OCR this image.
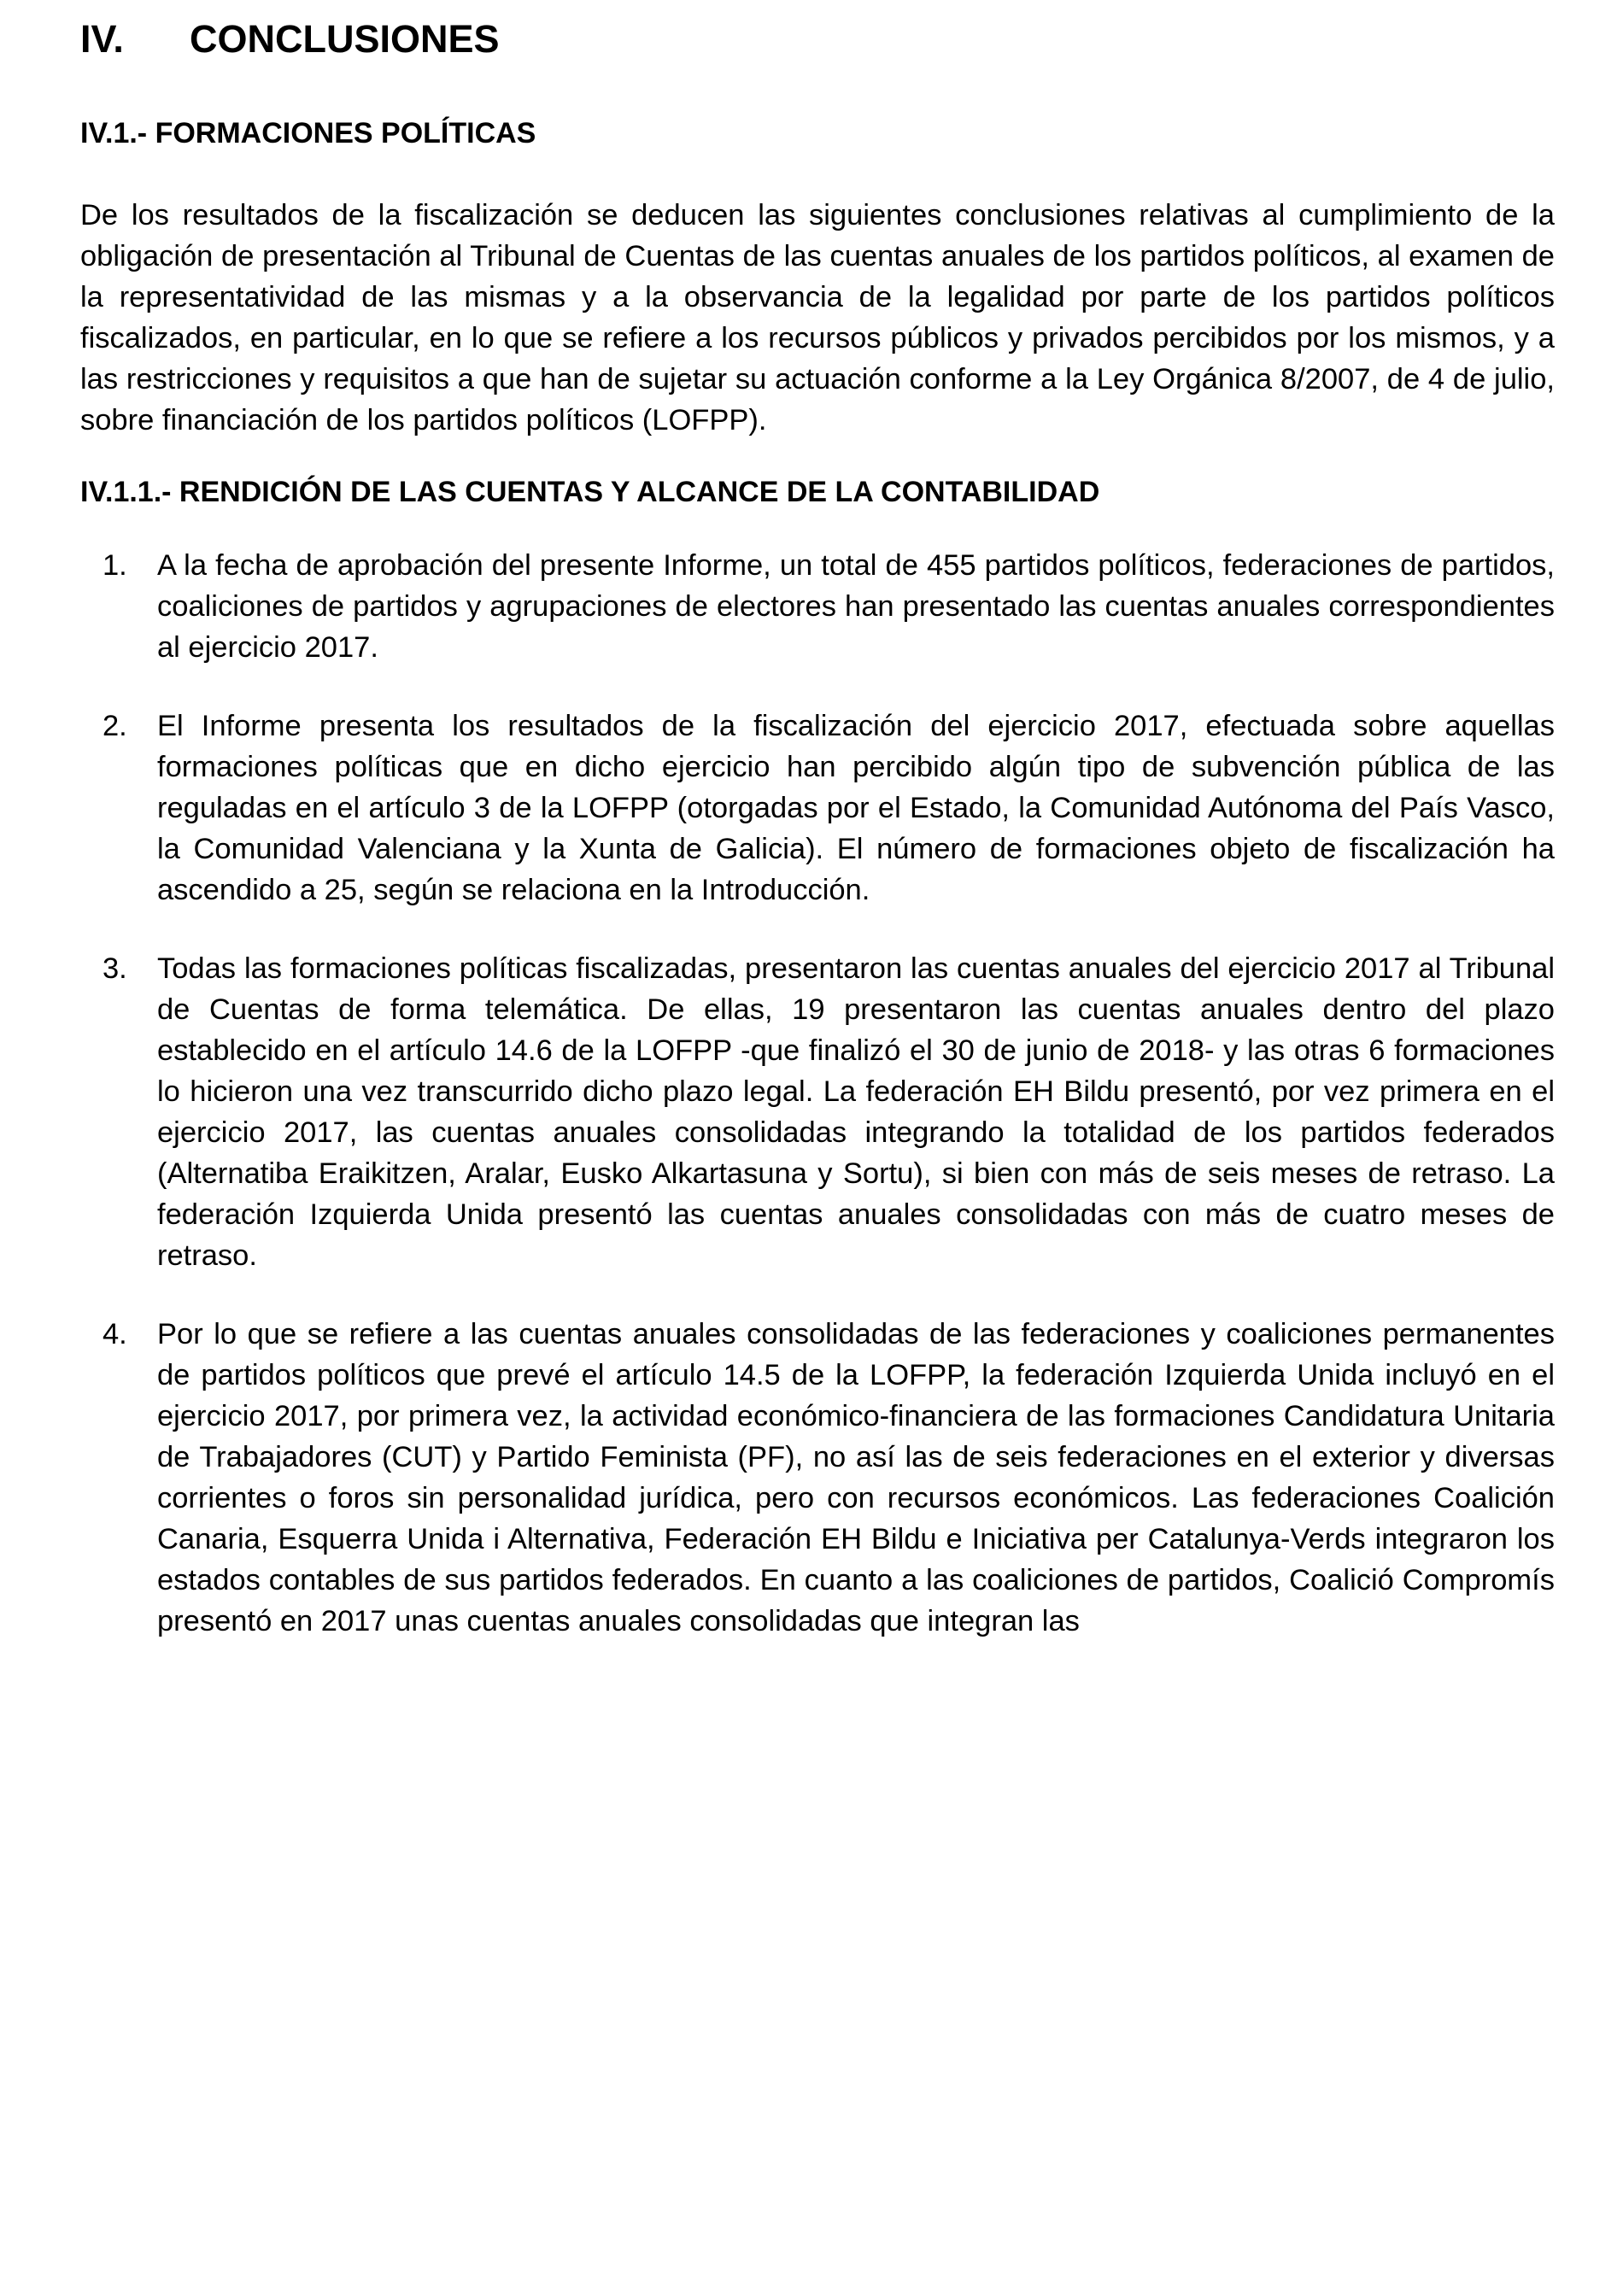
IV.	CONCLUSIONES
IV.1.- FORMACIONES POLÍTICAS

De los resultados de la fiscalización se deducen las siguientes conclusiones relativas al cumplimiento de la obligación de presentación al Tribunal de Cuentas de las cuentas anuales de los partidos políticos, al examen de la representatividad de las mismas y a la observancia de la legalidad por parte de los partidos políticos fiscalizados, en particular, en lo que se refiere a los recursos públicos y privados percibidos por los mismos, y a las restricciones y requisitos a que han de sujetar su actuación conforme a la Ley Orgánica 8/2007, de 4 de julio, sobre financiación de los partidos políticos (LOFPP).

IV.1.1.- RENDICIÓN DE LAS CUENTAS Y ALCANCE DE LA CONTABILIDAD
1.	A la fecha de aprobación del presente Informe, un total de 455 partidos políticos, federaciones de partidos, coaliciones de partidos y agrupaciones de electores han presentado las cuentas anuales correspondientes al ejercicio 2017.

2.	El Informe presenta los resultados de la fiscalización del ejercicio 2017, efectuada sobre aquellas formaciones políticas que en dicho ejercicio han percibido algún tipo de subvención pública de las reguladas en el artículo 3 de la LOFPP (otorgadas por el Estado, la Comunidad Autónoma del País Vasco, la Comunidad Valenciana y la Xunta de Galicia). El número de formaciones objeto de fiscalización ha ascendido a 25, según se relaciona en la Introducción.

3.	Todas las formaciones políticas fiscalizadas, presentaron las cuentas anuales del ejercicio 2017 al Tribunal de Cuentas de forma telemática. De ellas, 19 presentaron las cuentas anuales dentro del plazo establecido en el artículo 14.6 de la LOFPP -que finalizó el 30 de junio de 2018- y las otras 6 formaciones lo hicieron una vez transcurrido dicho plazo legal. La federación EH Bildu presentó, por vez primera en el ejercicio 2017, las cuentas anuales consolidadas integrando la totalidad de los partidos federados (Alternatiba Eraikitzen, Aralar, Eusko Alkartasuna y Sortu), si bien con más de seis meses de retraso. La federación Izquierda Unida presentó las cuentas anuales consolidadas con más de cuatro meses de retraso.

4.	Por lo que se refiere a las cuentas anuales consolidadas de las federaciones y coaliciones permanentes de partidos políticos que prevé el artículo 14.5 de la LOFPP, la federación Izquierda Unida incluyó en el ejercicio 2017, por primera vez, la actividad económico-financiera de las formaciones Candidatura Unitaria de Trabajadores (CUT) y Partido Feminista (PF), no así las de seis federaciones en el exterior y diversas corrientes o foros sin personalidad jurídica, pero con recursos económicos. Las federaciones Coalición Canaria, Esquerra Unida i Alternativa, Federación EH Bildu e Iniciativa per Catalunya-Verds integraron los estados contables de sus partidos federados. En cuanto a las coaliciones de partidos, Coalició Compromís presentó en 2017 unas cuentas anuales consolidadas que integran las
